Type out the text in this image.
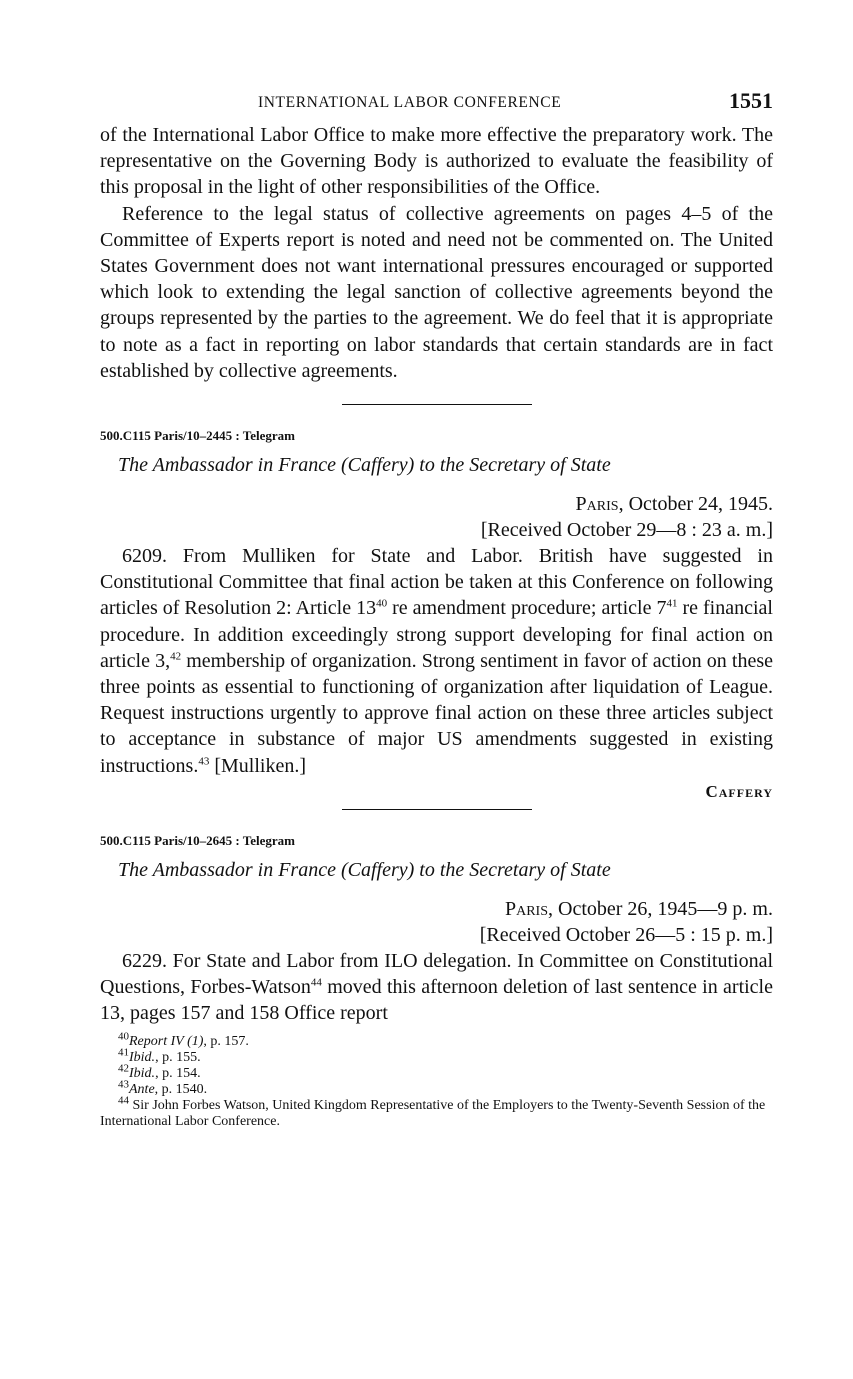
INTERNATIONAL LABOR CONFERENCE	1551

of the International Labor Office to make more effective the preparatory work. The representative on the Governing Body is authorized to evaluate the feasibility of this proposal in the light of other responsibilities of the Office.

Reference to the legal status of collective agreements on pages 4–5 of the Committee of Experts report is noted and need not be commented on. The United States Government does not want international pressures encouraged or supported which look to extending the legal sanction of collective agreements beyond the groups represented by the parties to the agreement. We do feel that it is appropriate to note as a fact in reporting on labor standards that certain standards are in fact established by collective agreements.

500.C115 Paris/10–2445 : Telegram
The Ambassador in France (Caffery) to the Secretary of State
Paris, October 24, 1945.
[Received October 29—8 : 23 a. m.]

6209. From Mulliken for State and Labor. British have suggested in Constitutional Committee that final action be taken at this Conference on following articles of Resolution 2: Article 13$^{40}$ re amendment procedure; article 7$^{41}$ re financial procedure. In addition exceedingly strong support developing for final action on article 3,42 membership of organization. Strong sentiment in favor of action on these three points as essential to functioning of organization after liquidation of League. Request instructions urgently to approve final action on these three articles subject to acceptance in substance of major US amendments suggested in existing instructions.$^{43}$ [Mulliken.]

Caffery
500.C115 Paris/10–2645 : Telegram
The Ambassador in France (Caffery) to the Secretary of State
Paris, October 26, 1945—9 p. m.
[Received October 26—5 : 15 p. m.]

6229. For State and Labor from ILO delegation. In Committee on Constitutional Questions, Forbes-Watson$^{44}$ moved this afternoon deletion of last sentence in article 13, pages 157 and 158 Office report

$^{40}$Report IV (1), p. 157.

$^{41}$Ibid., p. 155.

$^{42}$Ibid., p. 154.

$^{43}$Ante, p. 1540.

$^{44}$ Sir John Forbes Watson, United Kingdom Representative of the Employers to the Twenty-Seventh Session of the International Labor Conference.
